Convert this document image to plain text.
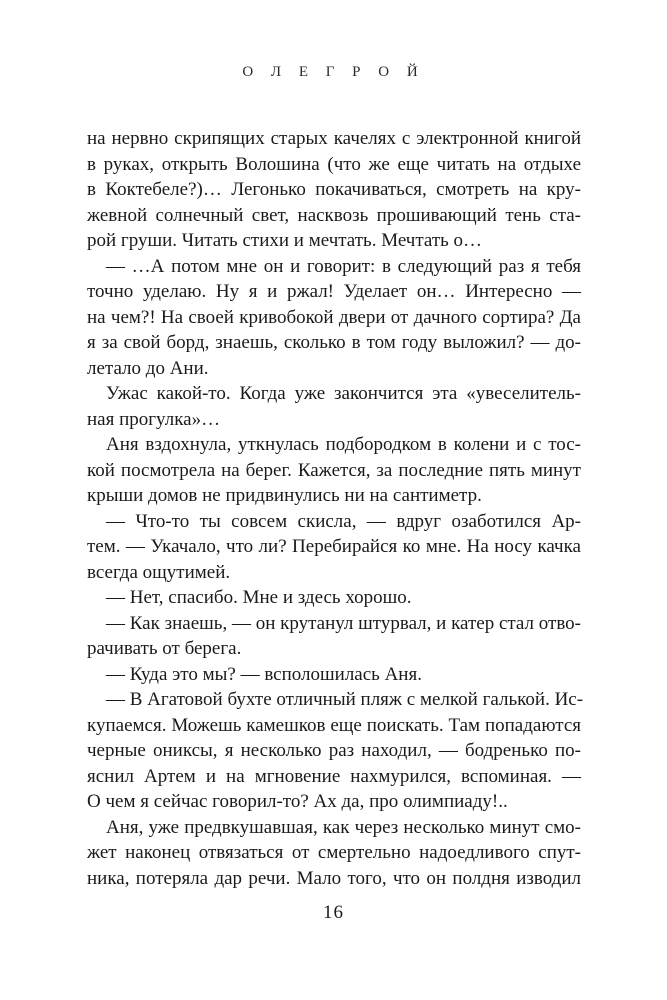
О Л Е Г Р О Й
на нервно скрипящих старых качелях с электронной книгой
в руках, открыть Волошина (что же еще читать на отдыхе
в Коктебеле?)… Легонько покачиваться, смотреть на кру-
жевной солнечный свет, насквозь прошивающий тень ста-
рой груши. Читать стихи и мечтать. Мечтать о…
— …А потом мне он и говорит: в следующий раз я тебя
точно уделаю. Ну я и ржал! Уделает он… Интересно —
на чем?! На своей кривобокой двери от дачного сортира? Да
я за свой борд, знаешь, сколько в том году выложил? — до-
летало до Ани.
Ужас какой-то. Когда уже закончится эта «увеселитель-
ная прогулка»…
Аня вздохнула, уткнулась подбородком в колени и с тос-
кой посмотрела на берег. Кажется, за последние пять минут
крыши домов не придвинулись ни на сантиметр.
— Что-то ты совсем скисла, — вдруг озаботился Ар-
тем. — Укачало, что ли? Перебирайся ко мне. На носу качка
всегда ощутимей.
— Нет, спасибо. Мне и здесь хорошо.
— Как знаешь, — он крутанул штурвал, и катер стал отво-
рачивать от берега.
— Куда это мы? — всполошилась Аня.
— В Агатовой бухте отличный пляж с мелкой галькой. Ис-
купаемся. Можешь камешков еще поискать. Там попадаются
черные ониксы, я несколько раз находил, — бодренько по-
яснил Артем и на мгновение нахмурился, вспоминая. —
О чем я сейчас говорил-то? Ах да, про олимпиаду!..
Аня, уже предвкушавшая, как через несколько минут смо-
жет наконец отвязаться от смертельно надоедливого спут-
ника, потеряла дар речи. Мало того, что он полдня изводил
16
